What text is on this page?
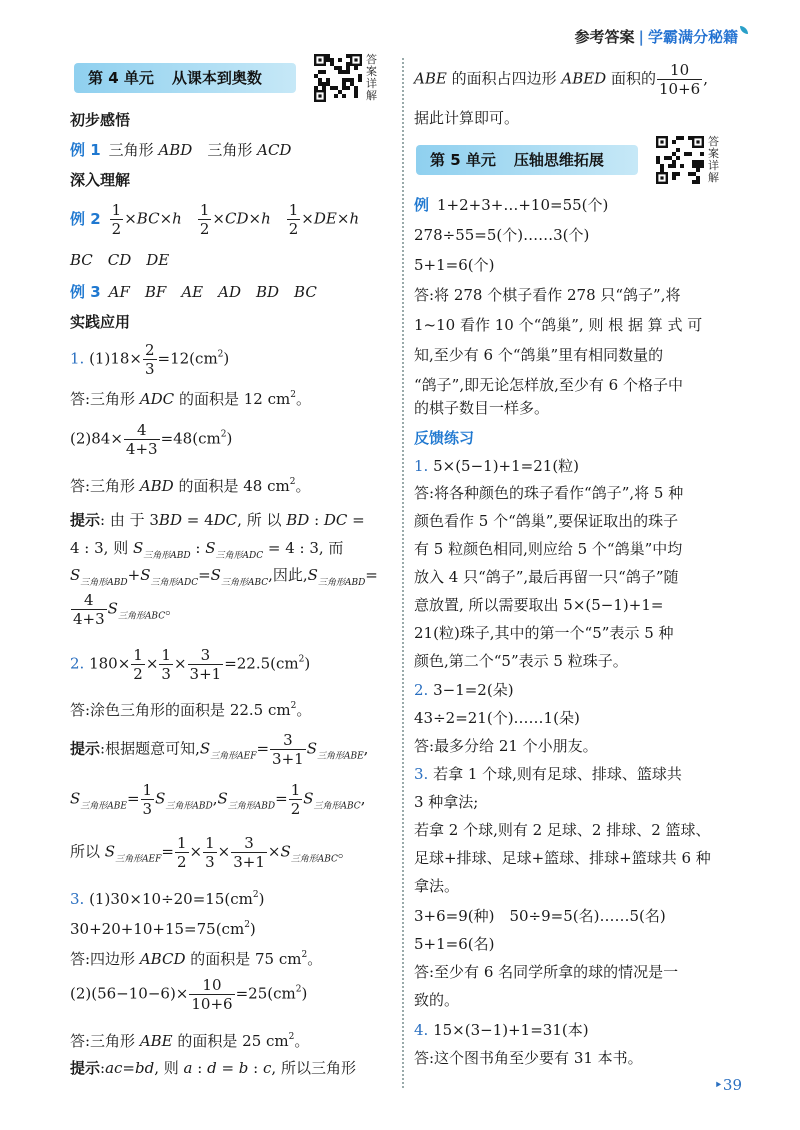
参考答案 | 学霸满分秘籍
第 4 单元 从课本到奥数
答案详解
第 5 单元 压轴思维拓展
答案详解
初步感悟
例 1 三角形 ABD　三角形 ACD
深入理解
例 $2 \frac{1}{2} \times BC\times h$　 $\frac{1}{2} \times CD\times h$　 $\frac{1}{2} \times DE\times h$
BC　CD　DE
例 3 AF　BF　AE　AD　BD　BC
实践应用
1. $(1)18\times \frac{2}{3} =12(cm^2)$
答:三角形 ADC 的面积是 12 $cm^2$。
$(2)84\times \frac{4}{4+3} =48(cm^2)$
答:三角形 ABD 的面积是 48 $cm^2$。
提示: 由 于 3BD = 4DC, 所 以 BD : DC =
4 : 3, 则 $S_{三角形ABD}$ : $S_{三角形ADC} = 4$ : 3, 而
$S_{三角形ABD}+S_{三角形ADC}=S_{三角形ABC}$,因此$,S_{三角形ABD}=$
$\frac{4}{4+3} S_{三角形ABC}$。
2. $180\times \frac{1}{2} \times \frac{1}{3} \times \frac{3}{3+1} =22.5(cm^2)$
答:涂色三角形的面积是 22.5 $cm^2$。
提示:根据题意可知$,S_{三角形AEF}= \frac{3}{3+1} S_{三角形ABE}$,
$S_{三角形ABE}= \frac{1}{3} S_{三角形ABD},S_{三角形ABD}= \frac{1}{2} S_{三角形ABC}$,
所以 $S_{三角形AEF}= \frac{1}{2} \times \frac{1}{3} \times \frac{3}{3+1} \times S_{三角形ABC}$。
3. $(1)30\times 10\div 20=15(cm^2)$
$30+20+10+15=75(cm^2)$
答:四边形 ABCD 的面积是 75 $cm^2$。
$(2)(56-10-6)\times \frac{10}{10+6} =25(cm^2)$
答:三角形 ABE 的面积是 25 $cm^2$。
提示:ac=bd, 则 a : d = b : c, 所以三角形
ABE 的面积占四边形 ABED 面积的 $\frac{10}{10+6}$ ,
据此计算即可。
例 1+2+3+…+10=55(个)
278÷55=5(个)……3(个)
5+1=6(个)
答:将 278 个棋子看作 278 只“鸽子”,将
1~10 看作 10 个“鸽巢”, 则 根 据 算 式 可
知,至少有 6 个“鸽巢”里有相同数量的
“鸽子”,即无论怎样放,至少有 6 个格子中
的棋子数目一样多。
反馈练习
1. 5×(5−1)+1=21(粒)
答:将各种颜色的珠子看作“鸽子”,将 5 种
颜色看作 5 个“鸽巢”,要保证取出的珠子
有 5 粒颜色相同,则应给 5 个“鸽巢”中均
放入 4 只“鸽子”,最后再留一只“鸽子”随
意放置, 所以需要取出 5×(5−1)+1=
21(粒)珠子,其中的第一个“5”表示 5 种
颜色,第二个“5”表示 5 粒珠子。
2. 3−1=2(朵)
43÷2=21(个)……1(朵)
答:最多分给 21 个小朋友。
3. 若拿 1 个球,则有足球、排球、篮球共
3 种拿法;
若拿 2 个球,则有 2 足球、2 排球、2 篮球、
足球+排球、足球+篮球、排球+篮球共 6 种
拿法。
3+6=9(种)　50÷9=5(名)……5(名)
5+1=6(名)
答:至少有 6 名同学所拿的球的情况是一
致的。
4. 15×(3−1)+1=31(本)
答:这个图书角至少要有 31 本书。
‣39
